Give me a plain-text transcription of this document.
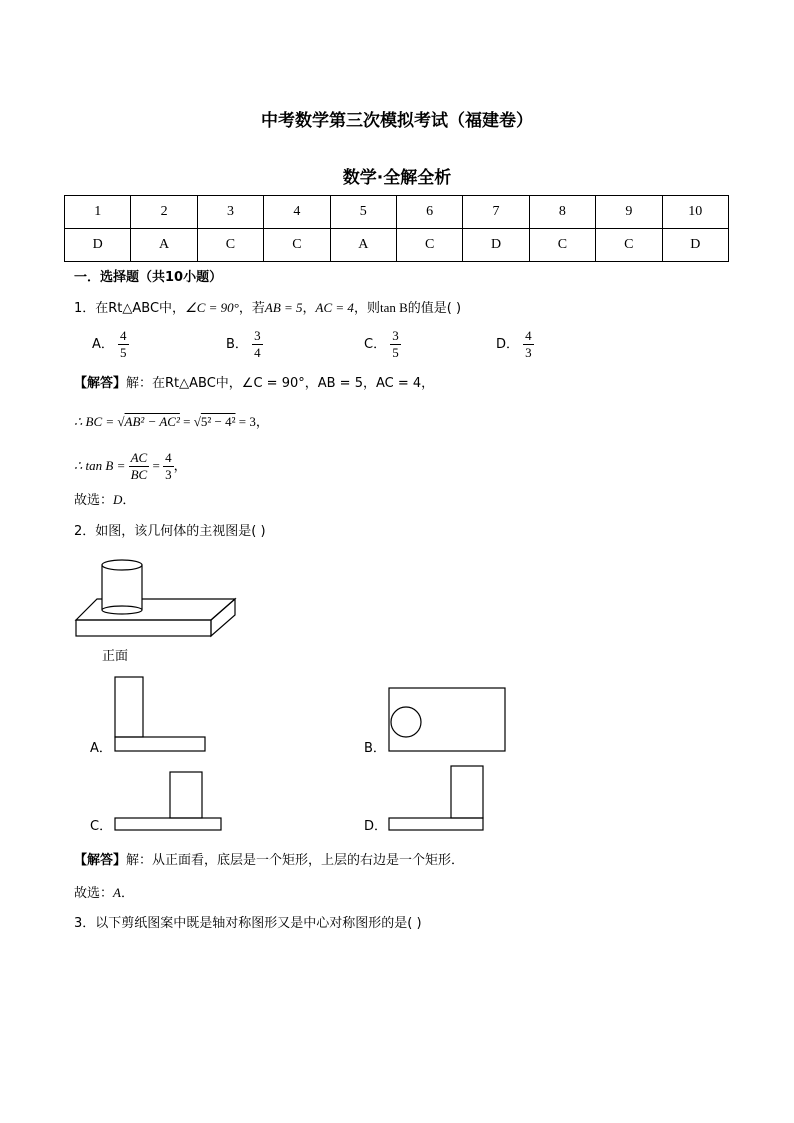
中考数学第三次模拟考试（福建卷）
数学·全解全析
1	2	3	4	5	6	7	8	9	10
D	A	C	C	A	C	D	C	C	D
一．选择题（共10小题）
1．在Rt△ABC中，∠C = 90°，若AB = 5，AC = 4，则tan B的值是( )
A． $\frac{4}{5}$	B． $\frac{3}{4}$	C． $\frac{3}{5}$	D． $\frac{4}{3}$
【解答】解：在Rt△ABC中，∠C = 90°，AB = 5，AC = 4，
∴ BC = √AB² − AC² = √5² − 4² = 3，
∴ $\tan B = \frac{AC}{BC} = \frac{4}{3}$ ，
故选：D．
2．如图，该几何体的主视图是( )
正面
A．	B．
C．	D．
【解答】解：从正面看，底层是一个矩形，上层的右边是一个矩形．
故选：A．
3．以下剪纸图案中既是轴对称图形又是中心对称图形的是( )
